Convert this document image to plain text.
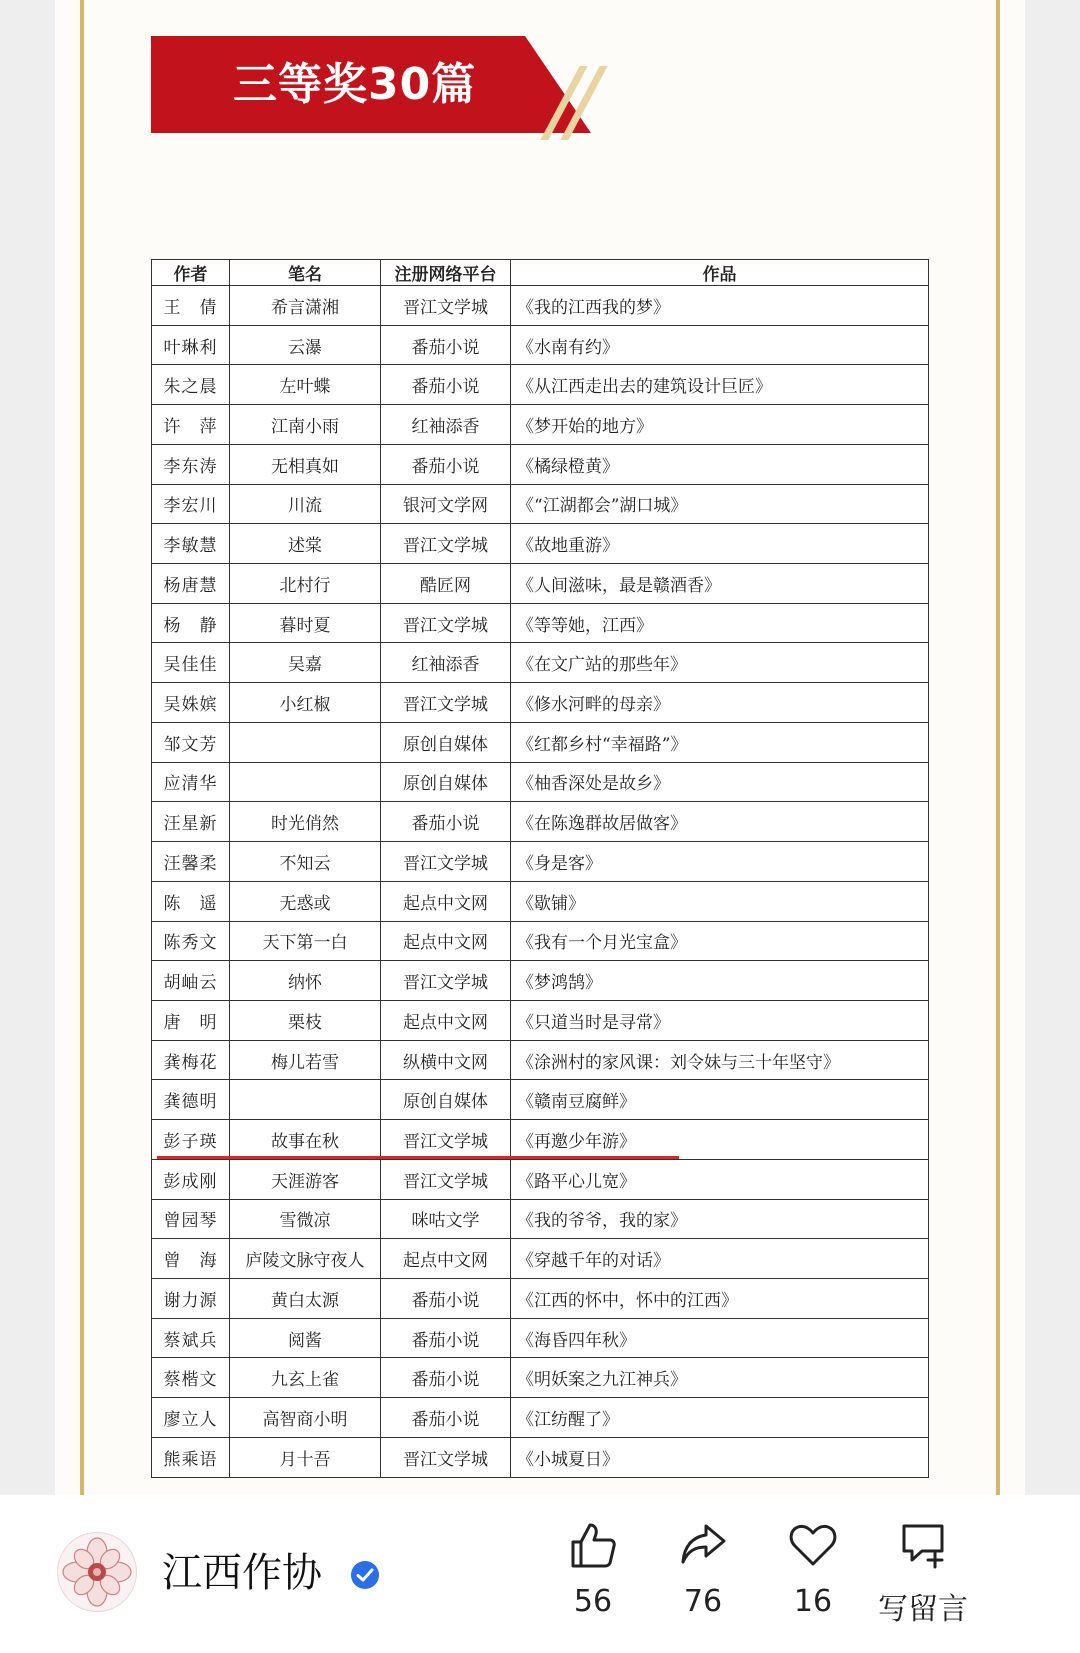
三等奖30篇
作者	笔名	注册网络平台	作品
王　倩	希言潇湘	晋江文学城	《我的江西我的梦》
叶琳利	云瀑	番茄小说	《水南有约》
朱之晨	左叶蝶	番茄小说	《从江西走出去的建筑设计巨匠》
许　萍	江南小雨	红袖添香	《梦开始的地方》
李东涛	无相真如	番茄小说	《橘绿橙黄》
李宏川	川流	银河文学网	《“江湖都会”湖口城》
李敏慧	述棠	晋江文学城	《故地重游》
杨唐慧	北村行	酷匠网	《人间滋味，最是赣酒香》
杨　静	暮时夏	晋江文学城	《等等她，江西》
吴佳佳	吴嘉	红袖添香	《在文广站的那些年》
吴姝嫔	小红椒	晋江文学城	《修水河畔的母亲》
邹文芳		原创自媒体	《红都乡村“幸福路”》
应清华		原创自媒体	《柚香深处是故乡》
汪星新	时光俏然	番茄小说	《在陈逸群故居做客》
汪馨柔	不知云	晋江文学城	《身是客》
陈　遥	无惑或	起点中文网	《歇铺》
陈秀文	天下第一白	起点中文网	《我有一个月光宝盒》
胡岫云	纳怀	晋江文学城	《梦鸿鹄》
唐　明	栗枝	起点中文网	《只道当时是寻常》
龚梅花	梅儿若雪	纵横中文网	《涂洲村的家风课：刘令妹与三十年坚守》
龚德明		原创自媒体	《赣南豆腐鲜》
彭子瑛	故事在秋	晋江文学城	《再邀少年游》
彭成刚	天涯游客	晋江文学城	《路平心儿宽》
曾园琴	雪微凉	咪咕文学	《我的爷爷，我的家》
曾　海	庐陵文脉守夜人	起点中文网	《穿越千年的对话》
谢力源	黄白太源	番茄小说	《江西的怀中，怀中的江西》
蔡斌兵	阅酱	番茄小说	《海昏四年秋》
蔡楷文	九玄上雀	番茄小说	《明妖案之九江神兵》
廖立人	高智商小明	番茄小说	《江纺醒了》
熊乘语	月十吾	晋江文学城	《小城夏日》
江西作协
56	76	16	写留言
